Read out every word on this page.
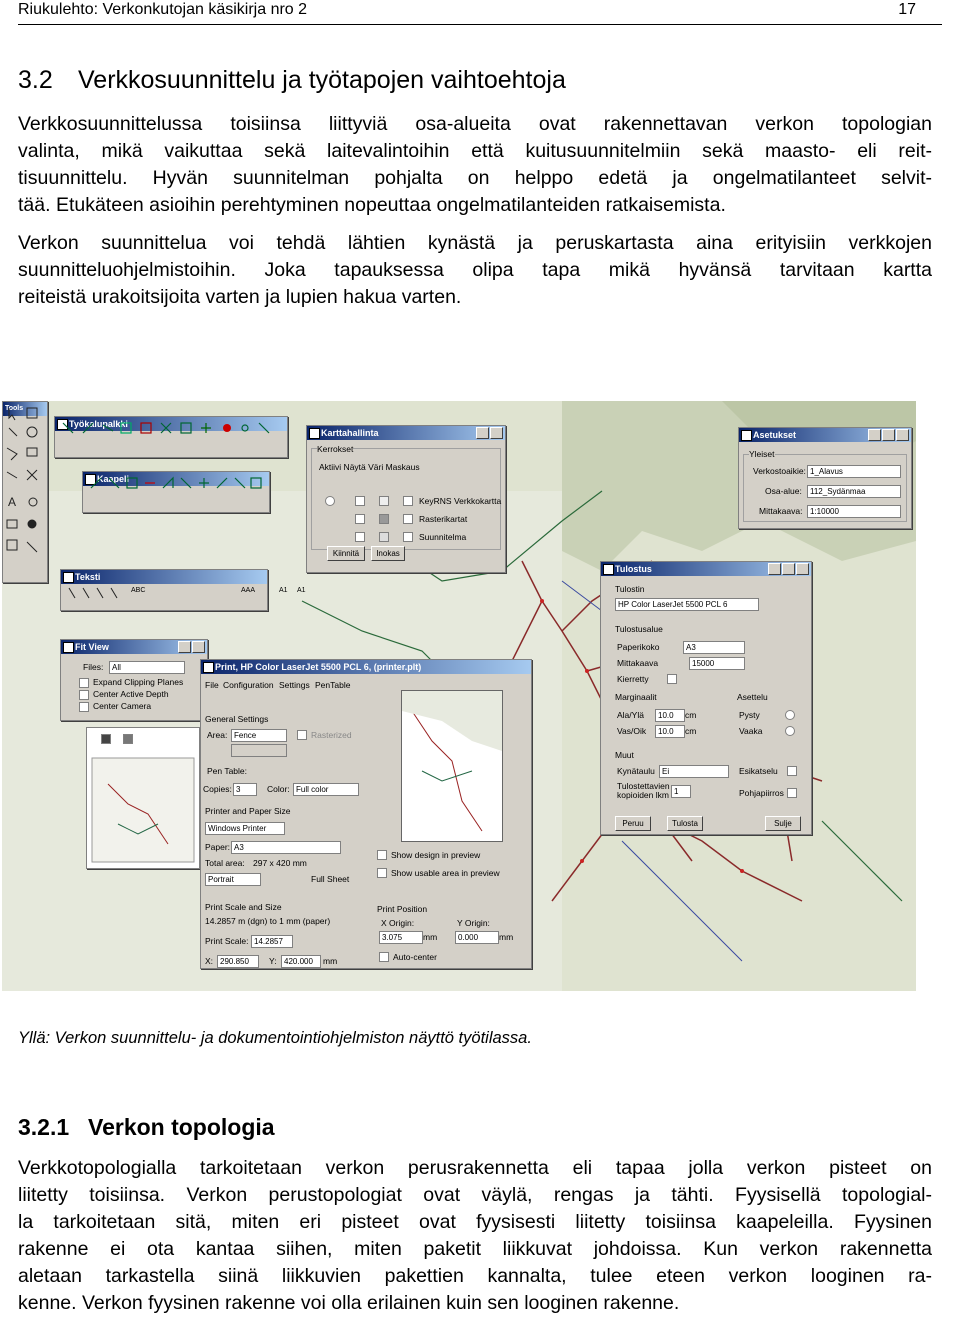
Riukulehto: Verkonkutojan käsikirja nro 2	17
3.2 Verkkosuunnittelu ja työtapojen vaihtoehtoja
Verkkosuunnittelussa toisiinsa liittyviä osa-alueita ovat rakennettavan verkon topologian
valinta, mikä vaikuttaa sekä laitevalintoihin että kuitusuunnitelmiin sekä maasto- eli reit-
tisuunnittelu. Hyvän suunnitelman pohjalta on helppo edetä ja ongelmatilanteet selvit-
tää. Etukäteen asioihin perehtyminen nopeuttaa ongelmatilanteiden ratkaisemista.
Verkon suunnittelua voi tehdä lähtien kynästä ja peruskartasta aina erityisiin verkkojen
suunnitteluohjelmistoihin. Joka tapauksessa olipa tapa mikä hyvänsä tarvitaan kartta
reiteistä urakoitsijoita varten ja lupien hakua varten.
Tools
A
Työkalupalkki
Kaapeli
Teksti
ABC	AAA	A1 A1
Karttahallinta
Kerrokset
Aktiivi Näytä Väri Maskaus
KeyRNS Verkkokartta
Rasterikartat
Suunnitelma
Kiinnitä	Inokas
Asetukset
Yleiset
Verkostoaikie: 1_Alavus
Osa-alue:	112_Sydänmaa
Mittakaava: 1:10000
Tulostus
Tulostin
HP Color LaserJet 5500 PCL 6
Tulostusalue
Paperikoko	A3
Mittakaava	15000
Kierretty
Marginaalit
Ala/Ylä	10.0	cm
Vas/Oik	10.0	cm
Asettelu
Pysty
Vaaka
Muut
Kynätaulu Ei	Esikatselu
Tulostettavien kopioiden lkm 1	Pohjapiirros
Peruu	Tulosta	Sulje
Fit View
Files:	All
Expand Clipping Planes
Center Active Depth
Center Camera
Print, HP Color LaserJet 5500 PCL 6, (printer.plt)
File Configuration Settings PenTable
General Settings
Area: Fence	Rasterized
Pen Table:
Copies: 3	Color: Full color
Printer and Paper Size
Windows Printer
Paper: A3
Total area: 297 x 420 mm
Portrait	Full Sheet
Show design in preview
Show usable area in preview
Print Scale and Size
14.2857 m (dgn) to 1 mm (paper)
Print Scale: 14.2857
X: 290.850	Y: 420.000	mm
Print Position
X Origin:
3.075	mm
Y Origin:
0.000	mm
Auto-center
Yllä: Verkon suunnittelu- ja dokumentointiohjelmiston näyttö työtilassa.
3.2.1 Verkon topologia
Verkkotopologialla tarkoitetaan verkon perusrakennetta eli tapaa jolla verkon pisteet on
liitetty toisiinsa. Verkon perustopologiat ovat väylä, rengas ja tähti. Fyysisellä topologial-
la tarkoitetaan sitä, miten eri pisteet ovat fyysisesti liitetty toisiinsa kaapeleilla. Fyysinen
rakenne ei ota kantaa siihen, miten paketit liikkuvat johdoissa. Kun verkon rakennetta
aletaan tarkastella siinä liikkuvien pakettien kannalta, tulee eteen verkon looginen ra-
kenne. Verkon fyysinen rakenne voi olla erilainen kuin sen looginen rakenne.
